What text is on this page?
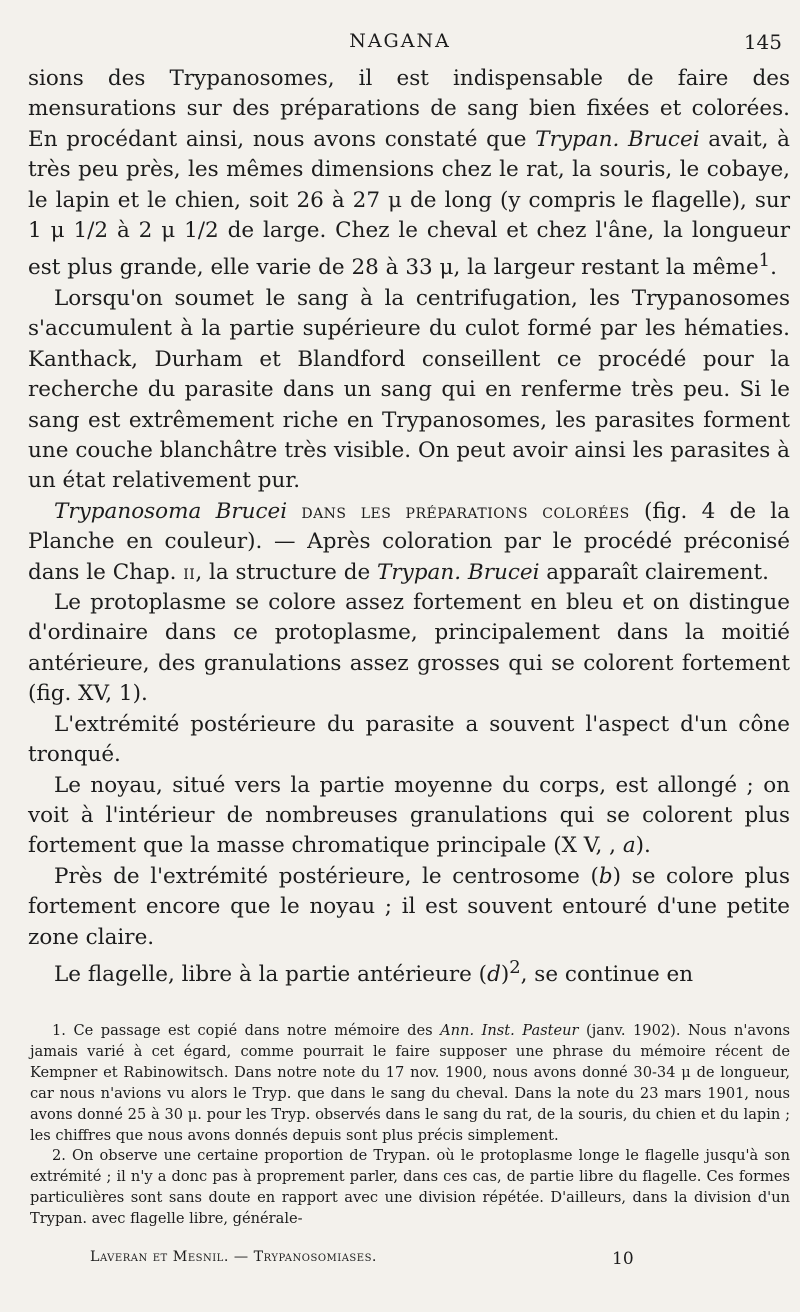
NAGANA	145

sions des Trypanosomes, il est indispensable de faire des mensurations sur des préparations de sang bien fixées et colorées. En procédant ainsi, nous avons constaté que Trypan. Brucei avait, à très peu près, les mêmes dimensions chez le rat, la souris, le cobaye, le lapin et le chien, soit 26 à 27 μ de long (y compris le flagelle), sur 1 μ 1/2 à 2 μ 1/2 de large. Chez le cheval et chez l'âne, la longueur est plus grande, elle varie de 28 à 33 μ, la largeur restant la même$^1$.

Lorsqu'on soumet le sang à la centrifugation, les Trypanosomes s'accumulent à la partie supérieure du culot formé par les hématies. Kanthack, Durham et Blandford conseillent ce procédé pour la recherche du parasite dans un sang qui en renferme très peu. Si le sang est extrêmement riche en Trypanosomes, les parasites forment une couche blanchâtre très visible. On peut avoir ainsi les parasites à un état relativement pur.

Trypanosoma Brucei dans les préparations colorées (fig. 4 de la Planche en couleur). — Après coloration par le procédé préconisé dans le Chap. ii, la structure de Trypan. Brucei apparaît clairement.

Le protoplasme se colore assez fortement en bleu et on distingue d'ordinaire dans ce protoplasme, principalement dans la moitié antérieure, des granulations assez grosses qui se colorent fortement (fig. XV, 1).

L'extrémité postérieure du parasite a souvent l'aspect d'un cône tronqué.

Le noyau, situé vers la partie moyenne du corps, est allongé ; on voit à l'intérieur de nombreuses granulations qui se colorent plus fortement que la masse chromatique principale (X V, , a).

Près de l'extrémité postérieure, le centrosome (b) se colore plus fortement encore que le noyau ; il est souvent entouré d'une petite zone claire.

Le flagelle, libre à la partie antérieure $(d)^2$, se continue en

1. Ce passage est copié dans notre mémoire des Ann. Inst. Pasteur (janv. 1902). Nous n'avons jamais varié à cet égard, comme pourrait le faire supposer une phrase du mémoire récent de Kempner et Rabinowitsch. Dans notre note du 17 nov. 1900, nous avons donné 30-34 μ de longueur, car nous n'avions vu alors le Tryp. que dans le sang du cheval. Dans la note du 23 mars 1901, nous avons donné 25 à 30 μ. pour les Tryp. observés dans le sang du rat, de la souris, du chien et du lapin ; les chiffres que nous avons donnés depuis sont plus précis simplement.

2. On observe une certaine proportion de Trypan. où le protoplasme longe le flagelle jusqu'à son extrémité ; il n'y a donc pas à proprement parler, dans ces cas, de partie libre du flagelle. Ces formes particulières sont sans doute en rapport avec une division répétée. D'ailleurs, dans la division d'un Trypan. avec flagelle libre, générale-

Laveran et Mesnil. — Trypanosomiases.	10
